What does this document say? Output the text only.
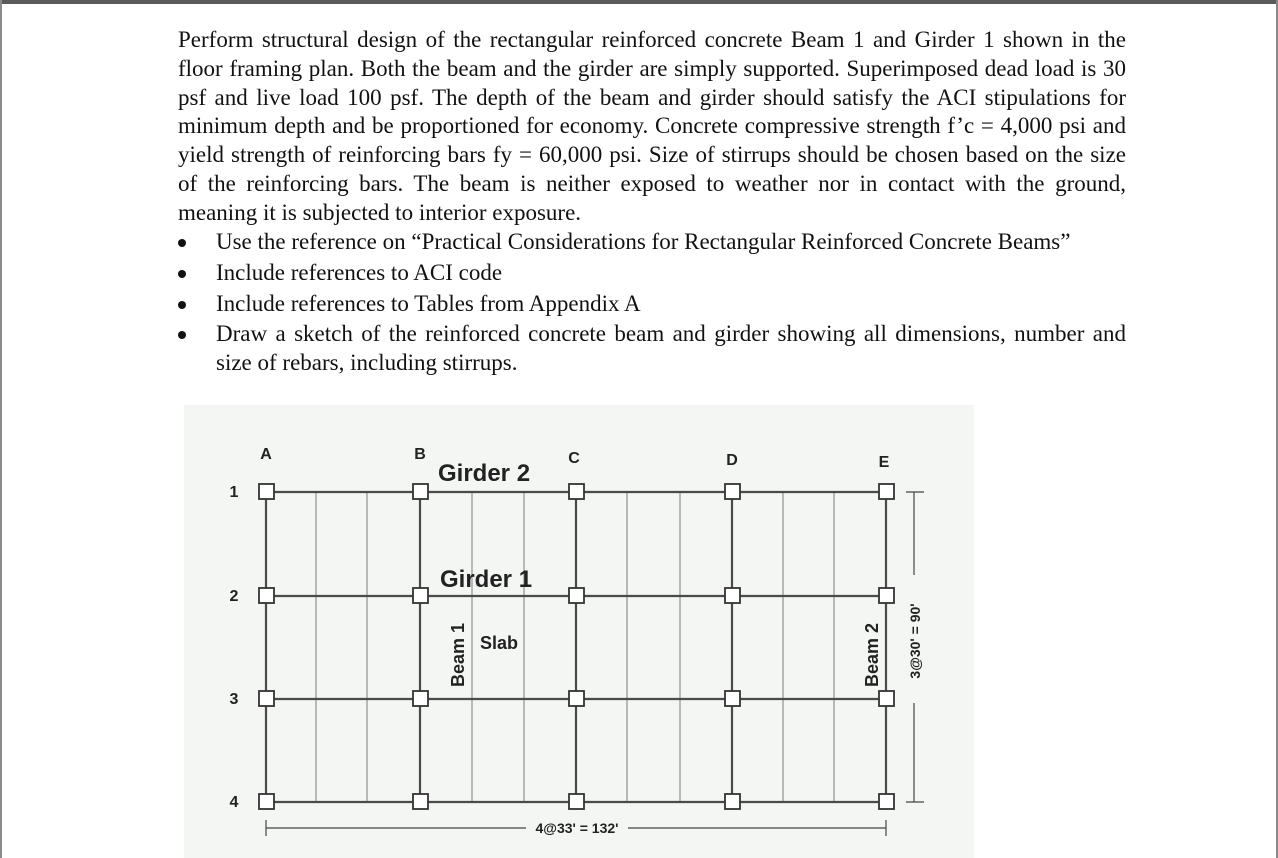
Perform structural design of the rectangular reinforced concrete Beam 1 and Girder 1 shown in the floor framing plan. Both the beam and the girder are simply supported. Superimposed dead load is 30 psf and live load 100 psf. The depth of the beam and girder should satisfy the ACI stipulations for minimum depth and be proportioned for economy. Concrete compressive strength f’c = 4,000 psi and yield strength of reinforcing bars fy = 60,000 psi. Size of stirrups should be chosen based on the size of the reinforcing bars. The beam is neither exposed to weather nor in contact with the ground, meaning it is subjected to interior exposure.
Use the reference on “Practical Considerations for Rectangular Reinforced Concrete Beams”
Include references to ACI code
Include references to Tables from Appendix A
Draw a sketch of the reinforced concrete beam and girder showing all dimensions, number and size of rebars, including stirrups.
A	B	C	D	E
1
2
3
4
Girder 2
Girder 1
Slab
Beam 1	Beam 2 3@30' = 90'
4@33' = 132'
